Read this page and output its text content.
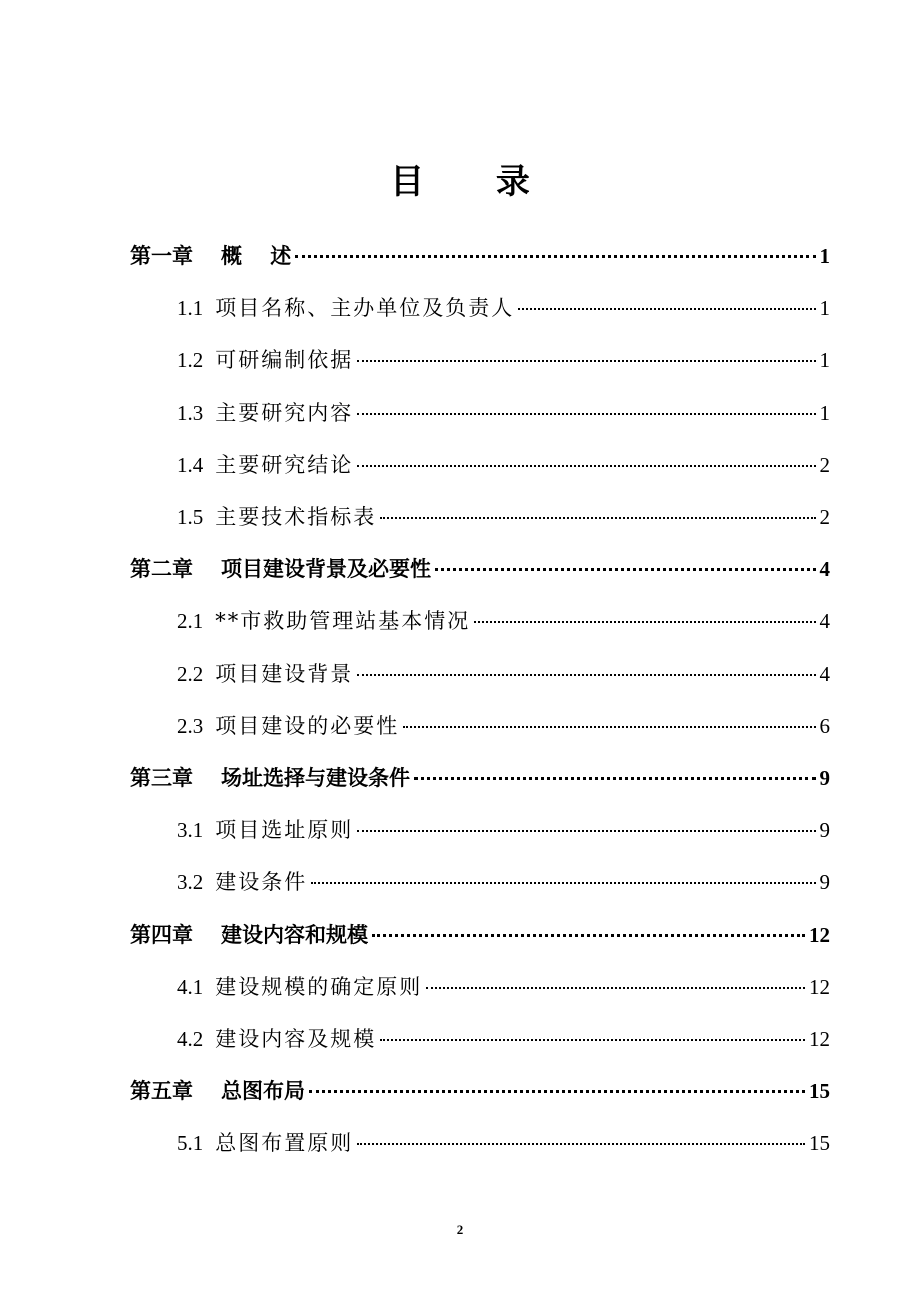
目 录
第一章 概　 述	1
1.1 项目名称、主办单位及负责人	1
1.2 可研编制依据	1
1.3 主要研究内容	1
1.4 主要研究结论	2
1.5 主要技术指标表	2
第二章 项目建设背景及必要性	4
2.1 **市救助管理站基本情况	4
2.2 项目建设背景	4
2.3 项目建设的必要性	6
第三章 场址选择与建设条件	9
3.1 项目选址原则	9
3.2 建设条件	9
第四章 建设内容和规模	12
4.1 建设规模的确定原则	12
4.2 建设内容及规模	12
第五章 总图布局	15
5.1 总图布置原则	15
2
